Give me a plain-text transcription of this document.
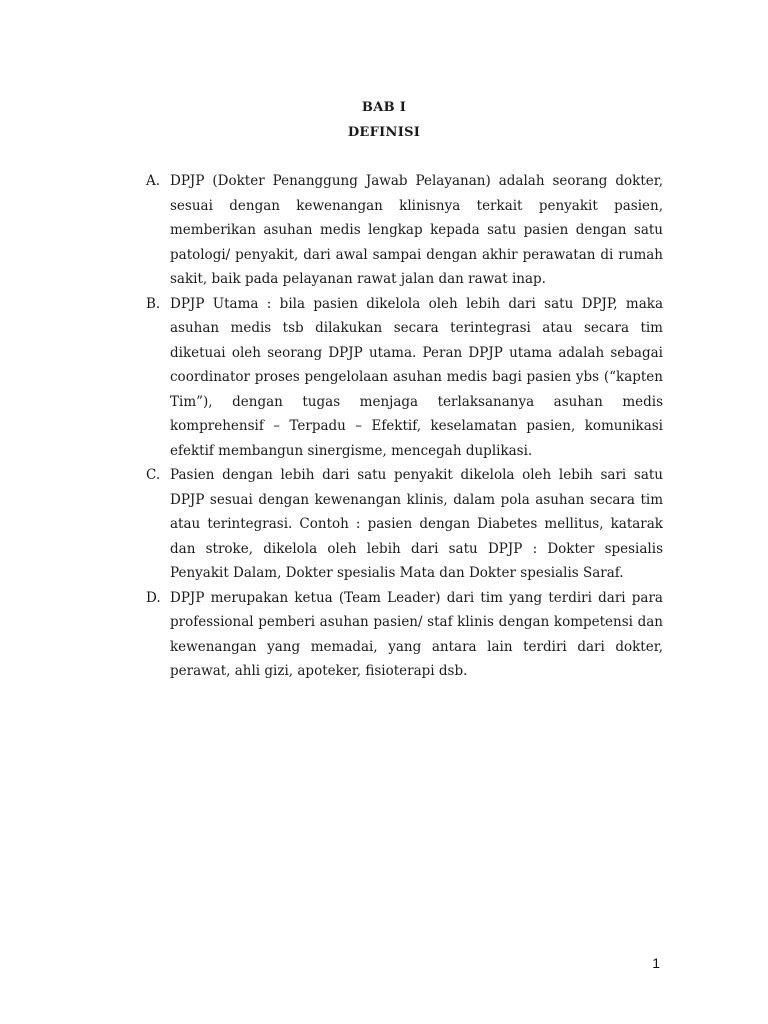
BAB I
DEFINISI
A. DPJP (Dokter Penanggung Jawab Pelayanan) adalah seorang dokter, sesuai dengan kewenangan klinisnya terkait penyakit pasien, memberikan asuhan medis lengkap kepada satu pasien dengan satu patologi/ penyakit, dari awal sampai dengan akhir perawatan di rumah sakit, baik pada pelayanan rawat jalan dan rawat inap.
B. DPJP Utama : bila pasien dikelola oleh lebih dari satu DPJP, maka asuhan medis tsb dilakukan secara terintegrasi atau secara tim diketuai oleh seorang DPJP utama. Peran DPJP utama adalah sebagai coordinator proses pengelolaan asuhan medis bagi pasien ybs (“kapten Tim”), dengan tugas menjaga terlaksananya asuhan medis komprehensif – Terpadu – Efektif, keselamatan pasien, komunikasi efektif membangun sinergisme, mencegah duplikasi.
C. Pasien dengan lebih dari satu penyakit dikelola oleh lebih sari satu DPJP sesuai dengan kewenangan klinis, dalam pola asuhan secara tim atau terintegrasi. Contoh : pasien dengan Diabetes mellitus, katarak dan stroke, dikelola oleh lebih dari satu DPJP : Dokter spesialis Penyakit Dalam, Dokter spesialis Mata dan Dokter spesialis Saraf.
D. DPJP merupakan ketua (Team Leader) dari tim yang terdiri dari para professional pemberi asuhan pasien/ staf klinis dengan kompetensi dan kewenangan yang memadai, yang antara lain terdiri dari dokter, perawat, ahli gizi, apoteker, fisioterapi dsb.
1
